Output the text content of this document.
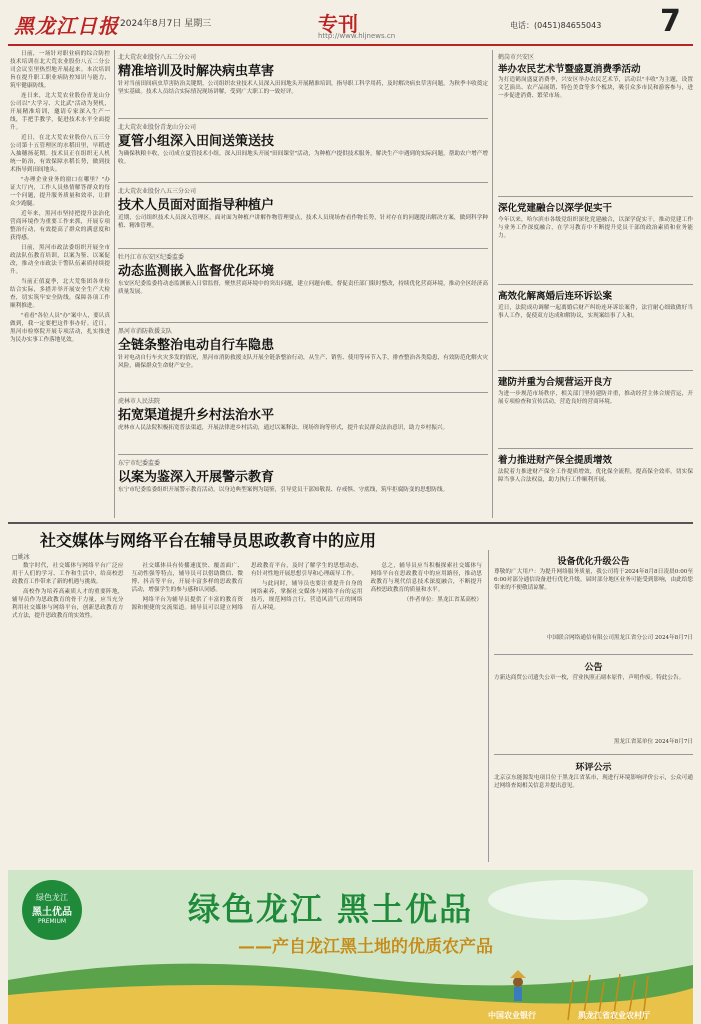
黑龙江日报 2024年8月7日 星期三	专刊
http://www.hljnews.cn
电话：(0451)84655043 7

日前，一场针对职业病的综合防控技术培训在北大荒农业股份八五二分公司会议室里热烈地开展起来。本次培训旨在提升职工职业病防控知识与能力，筑牢健康防线。

连日来，北大荒农业股份青龙山分公司以"大学习、大比武"活动为契机，开展精准培训，邀请专家深入生产一线，手把手教学，促进技术水平全面提升。

近日，在北大荒农业股份八五三分公司第十五管理区的水稻田里，早稻进入抽穗扬花期。技术员正在组织无人机统一防治，有效保障水稻长势，做到技术指导到田间地头。

"办理企业业务的窗口在哪里？"办证大厅内，工作人员热情解答群众的每一个问题，提升服务质量和效率，让群众少跑腿。

近年来，黑河市坚持把提升法治化营商环境作为重要工作来抓，开展专项整治行动，有效提高了群众的满意度和获得感。

日前，黑河市政法委组织开展全市政法队伍教育培训，以案为鉴、以案促改，推动全市政法干警队伍素质持续提升。

当前正值夏季，北大荒集团各单位结合实际，多措并举开展安全生产大检查，切实筑牢安全防线，保障各项工作顺利推进。

"看看"各位人员"办"案中人，要认真做到，我一定要把这件事办好。近日，黑河市检察院开展专项活动，扎实推进为民办实事工作落地见效。

北大荒农业股份八五二分公司
精准培训及时解决病虫草害
针对当前田间病虫草害防治关键期，公司组织农业技术人员深入田间地头开展精准培训，指导职工科学用药，及时解决病虫草害问题，为秋季丰收奠定坚实基础。技术人员结合实际情况现场讲解，受到广大职工的一致好评。
北大荒农业股份青龙山分公司
夏管小组深入田间送策送技
为确保秋粮丰收，公司成立夏管技术小组，深入田间地头开展"田间课堂"活动，为种植户提供技术服务，解决生产中遇到的实际问题，帮助农户增产增收。
北大荒农业股份八五三分公司
技术人员面对面指导种植户
近期，公司组织技术人员深入管理区，面对面为种植户讲解作物管理要点，技术人员现场查看作物长势，针对存在的问题提出解决方案，做到科学种植、精准管理。
牡丹江市东安区纪委监委
动态监测嵌入监督优化环境
东安区纪委监委将动态监测嵌入日常监督，聚焦营商环境中的突出问题，建立问题台账，督促责任部门限时整改，持续优化营商环境，推动全区经济高质量发展。
黑河市消防救援支队
全链条整治电动自行车隐患
针对电动自行车火灾多发的情况，黑河市消防救援支队开展全链条整治行动，从生产、销售、使用等环节入手，排查整治各类隐患，有效防范化解火灾风险，确保群众生命财产安全。
虎林市人民法院
拓宽渠道提升乡村法治水平
虎林市人民法院积极拓宽普法渠道，开展法律进乡村活动，通过以案释法、现场咨询等形式，提升农民群众法治意识，助力乡村振兴。
东宁市纪委监委
以案为鉴深入开展警示教育
东宁市纪委监委组织开展警示教育活动，以身边典型案例为镜鉴，引导党员干部知敬畏、存戒惧、守底线，筑牢拒腐防变的思想防线。
鹤岗市兴安区
举办农民艺术节暨盛夏消费季活动
为打造鹤岗盛夏消费季，兴安区举办农民艺术节，活动以"丰收"为主题，设置文艺演出、农产品展销、特色美食等多个板块，吸引众多市民和游客参与，进一步促进消费、繁荣市场。
深化党建融合以深学促实干
今年以来，哈尔滨市各级党组织深化党建融合，以深学促实干，推动党建工作与业务工作深度融合，在学习教育中不断提升党员干部的政治素质和业务能力。
高效化解离婚后连环诉讼案
近日，法院成功调解一起离婚后财产纠纷连环诉讼案件，法官耐心细致做好当事人工作，促使双方达成和解协议，实现案结事了人和。
建防并重为合规营运开良方
为进一步规范市场秩序，相关部门坚持建防并重，推动经营主体合规营运，开展专项检查和宣传活动，营造良好的营商环境。
着力推进财产保全提质增效
法院着力推进财产保全工作提质增效，优化保全流程，提高保全效率，切实保障当事人合法权益，助力执行工作顺利开展。
社交媒体与网络平台在辅导员思政教育中的应用
□姚冰

数字时代，社交媒体与网络平台广泛应用于人们的学习、工作和生活中，给高校思政教育工作带来了新的机遇与挑战。

高校作为培养高素质人才的重要阵地，辅导员作为思政教育的骨干力量，应当充分利用社交媒体与网络平台，创新思政教育方式方法，提升思政教育的实效性。

社交媒体具有传播速度快、覆盖面广、互动性强等特点，辅导员可以借助微信、微博、抖音等平台，开展丰富多样的思政教育活动，增强学生的参与感和认同感。

网络平台为辅导员提供了丰富的教育资源和便捷的交流渠道。辅导员可以建立网络思政教育平台，及时了解学生的思想动态，有针对性地开展思想引导和心理疏导工作。

与此同时，辅导员也要注重提升自身的网络素养，掌握社交媒体与网络平台的运用技巧，规范网络言行，营造风清气正的网络育人环境。

总之，辅导员应当积极探索社交媒体与网络平台在思政教育中的应用路径，推动思政教育与现代信息技术深度融合，不断提升高校思政教育的质量和水平。

（作者单位：黑龙江省某高校）

设备优化升级公告
尊敬的广大用户：为提升网络服务质量，我公司将于2024年8月8日凌晨0:00至6:00对部分通信设备进行优化升级，届时部分地区业务可能受到影响，由此给您带来的不便敬请谅解。
中国联合网络通信有限公司黑龙江省分公司 2024年8月7日
公告
方新达商贸公司遗失公章一枚，营业执照正副本原件，声明作废。特此公告。
黑龙江省某单位 2024年8月7日
环评公示
北京京东能源发电项目位于黑龙江省某市，现进行环境影响评价公示，公众可通过网络查阅相关信息并提出意见。
绿色龙江
黑土优品
PREMIUM	绿色龙江 黑土优品
——产自龙江黑土地的优质农产品
中国农业银行	黑龙江省农业农村厅
